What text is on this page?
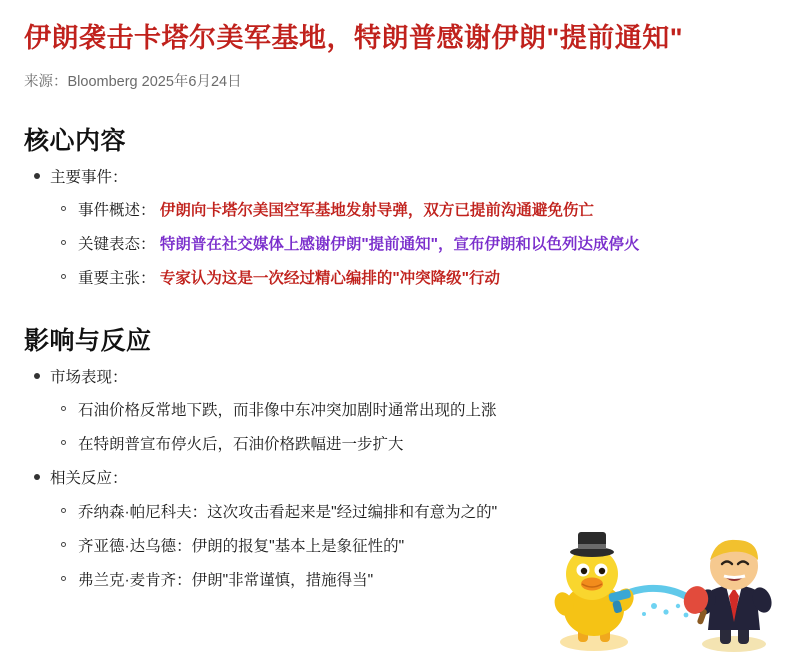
伊朗袭击卡塔尔美军基地，特朗普感谢伊朗"提前通知"
来源：Bloomberg 2025年6月24日
核心内容
主要事件：
事件概述： 伊朗向卡塔尔美国空军基地发射导弹，双方已提前沟通避免伤亡
关键表态： 特朗普在社交媒体上感谢伊朗"提前通知"，宣布伊朗和以色列达成停火
重要主张： 专家认为这是一次经过精心编排的"冲突降级"行动
影响与反应
市场表现：
石油价格反常地下跌，而非像中东冲突加剧时通常出现的上涨
在特朗普宣布停火后，石油价格跌幅进一步扩大
相关反应：
乔纳森·帕尼科夫：这次攻击看起来是"经过编排和有意为之的"
齐亚德·达乌德：伊朗的报复"基本上是象征性的"
弗兰克·麦肯齐：伊朗"非常谨慎，措施得当"
